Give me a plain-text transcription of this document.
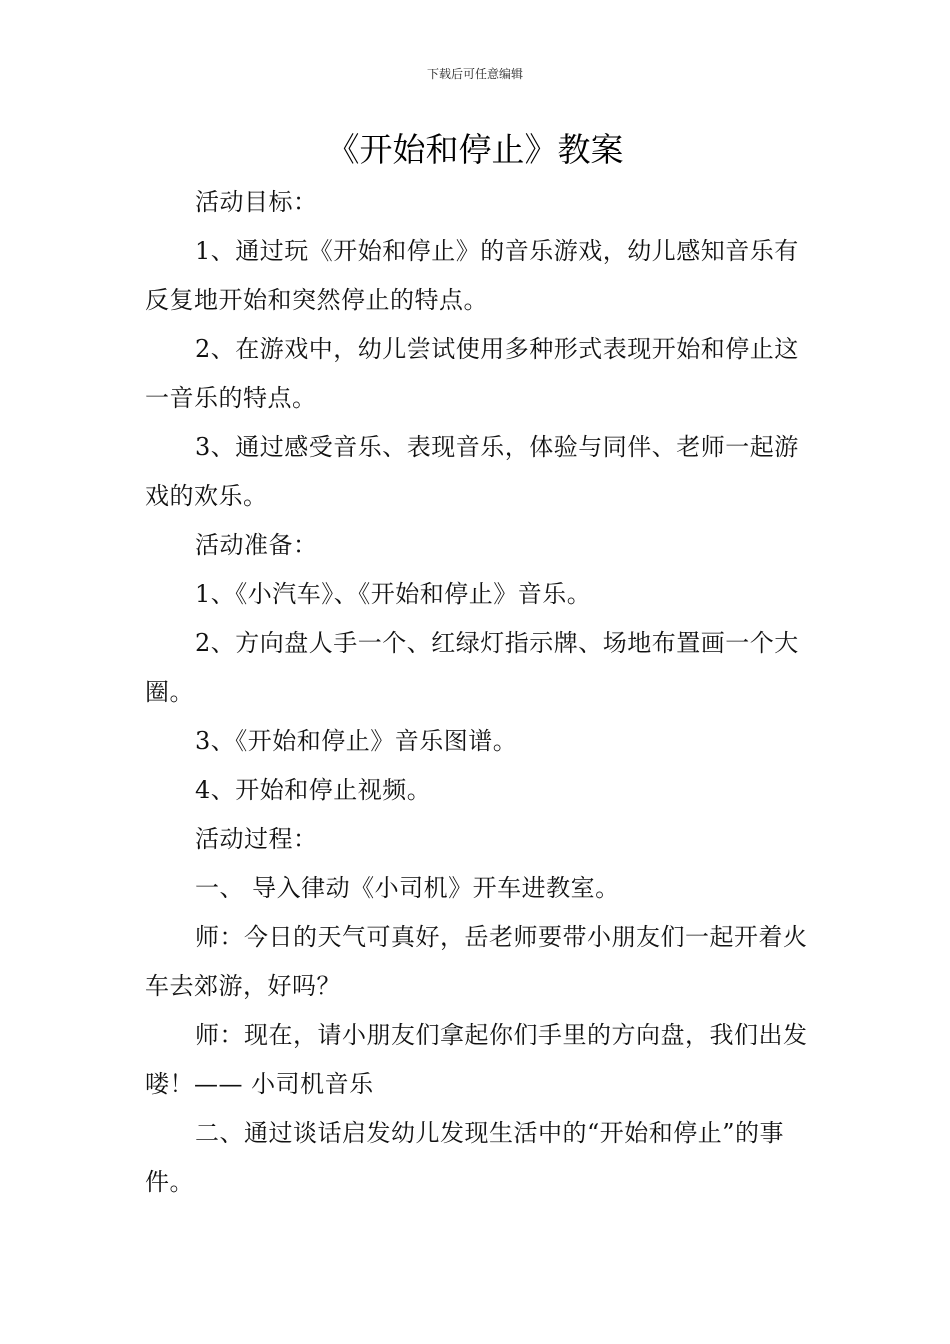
下载后可任意编辑
《开始和停止》教案

活动目标：

1、通过玩《开始和停止》的音乐游戏，幼儿感知音乐有反复地开始和突然停止的特点。

2、在游戏中，幼儿尝试使用多种形式表现开始和停止这一音乐的特点。

3、通过感受音乐、表现音乐，体验与同伴、老师一起游戏的欢乐。

活动准备：

1、《小汽车》、《开始和停止》音乐。

2、方向盘人手一个、红绿灯指示牌、场地布置画一个大圈。

3、《开始和停止》音乐图谱。

4、开始和停止视频。

活动过程：

一、 导入律动《小司机》开车进教室。

师：今日的天气可真好，岳老师要带小朋友们一起开着火车去郊游，好吗？

师：现在，请小朋友们拿起你们手里的方向盘，我们出发喽！—— 小司机音乐

二、通过谈话启发幼儿发现生活中的“开始和停止”的事件。
